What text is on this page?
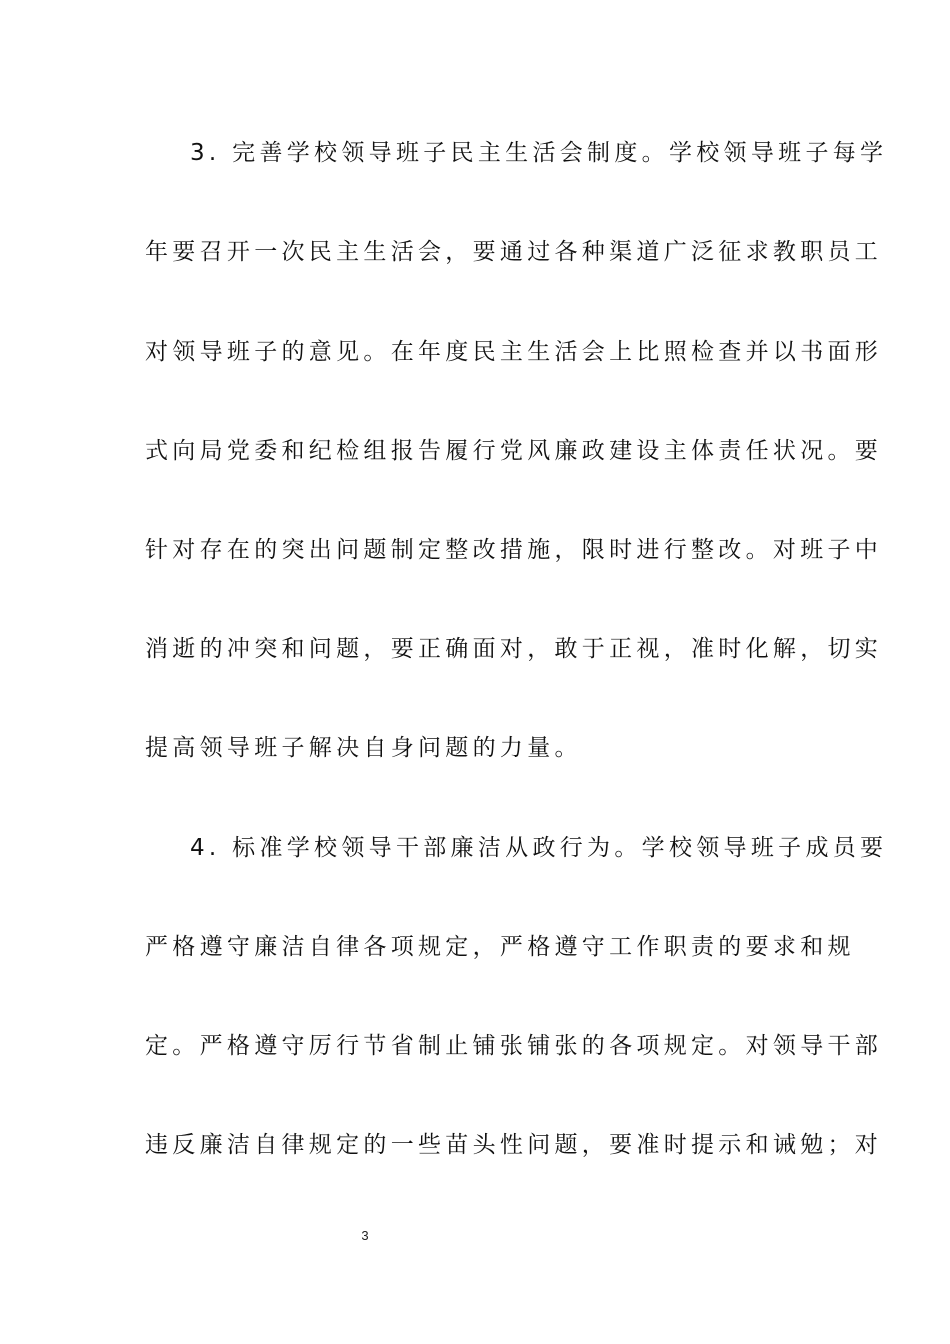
3. 完善学校领导班子民主生活会制度。学校领导班子每学
年要召开一次民主生活会，要通过各种渠道广泛征求教职员工
对领导班子的意见。在年度民主生活会上比照检查并以书面形
式向局党委和纪检组报告履行党风廉政建设主体责任状况。要
针对存在的突出问题制定整改措施，限时进行整改。对班子中
消逝的冲突和问题，要正确面对，敢于正视，准时化解，切实
提高领导班子解决自身问题的力量。
4. 标准学校领导干部廉洁从政行为。学校领导班子成员要
严格遵守廉洁自律各项规定，严格遵守工作职责的要求和规
定。严格遵守厉行节省制止铺张铺张的各项规定。对领导干部
违反廉洁自律规定的一些苗头性问题，要准时提示和诫勉；对
3
